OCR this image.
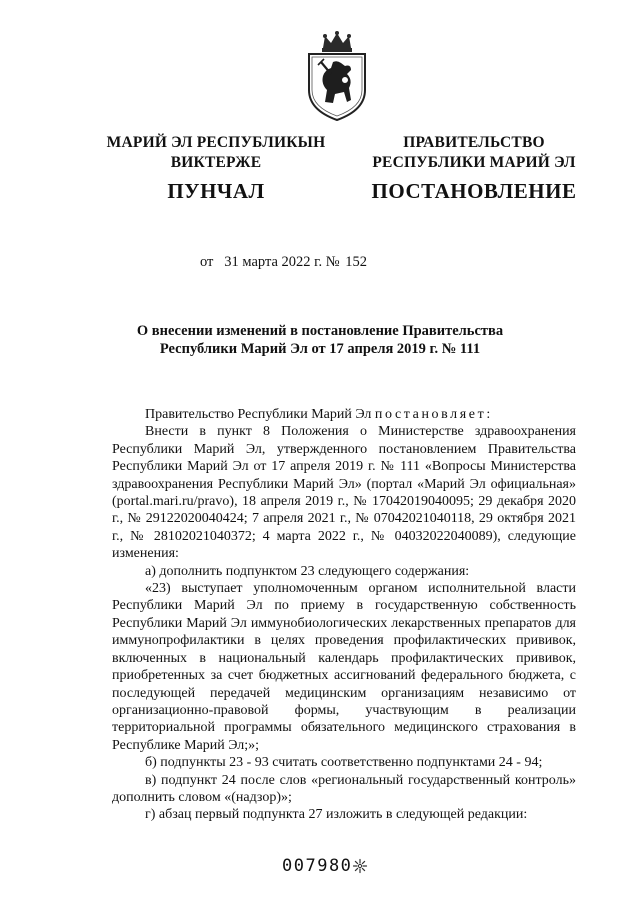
МАРИЙ ЭЛ РЕСПУБЛИКЫН
ВИКТЕРЖЕ
ПРАВИТЕЛЬСТВО
РЕСПУБЛИКИ МАРИЙ ЭЛ
ПУНЧАЛ	ПОСТАНОВЛЕНИЕ
от 31 марта 2022 г. № 152
О внесении изменений в постановление Правительства
Республики Марий Эл от 17 апреля 2019 г. № 111

Правительство Республики Марий Эл постановляет:

Внести в пункт 8 Положения о Министерстве здравоохранения Республики Марий Эл, утвержденного постановлением Правительства Республики Марий Эл от 17 апреля 2019 г. № 111 «Вопросы Министерства здравоохранения Республики Марий Эл» (портал «Марий Эл официальная» (portal.mari.ru/pravo), 18 апреля 2019 г., № 17042019040095; 29 декабря 2020 г., № 29122020040424; 7 апреля 2021 г., № 07042021040118, 29 октября 2021 г., № 28102021040372; 4 марта 2022 г., № 04032022040089), следующие изменения:

а) дополнить подпунктом 23 следующего содержания:

«23) выступает уполномоченным органом исполнительной власти Республики Марий Эл по приему в государственную собственность Республики Марий Эл иммунобиологических лекарственных препаратов для иммунопрофилактики в целях проведения профилактических прививок, включенных в национальный календарь профилактических прививок, приобретенных за счет бюджетных ассигнований федерального бюджета, с последующей передачей медицинским организациям независимо от организационно-правовой формы, участвующим в реализации территориальной программы обязательного медицинского страхования в Республике Марий Эл;»;

б) подпункты 23 - 93 считать соответственно подпунктами 24 - 94;

в) подпункт 24 после слов «региональный государственный контроль» дополнить словом «(надзор)»;

г) абзац первый подпункта 27 изложить в следующей редакции:

007980
